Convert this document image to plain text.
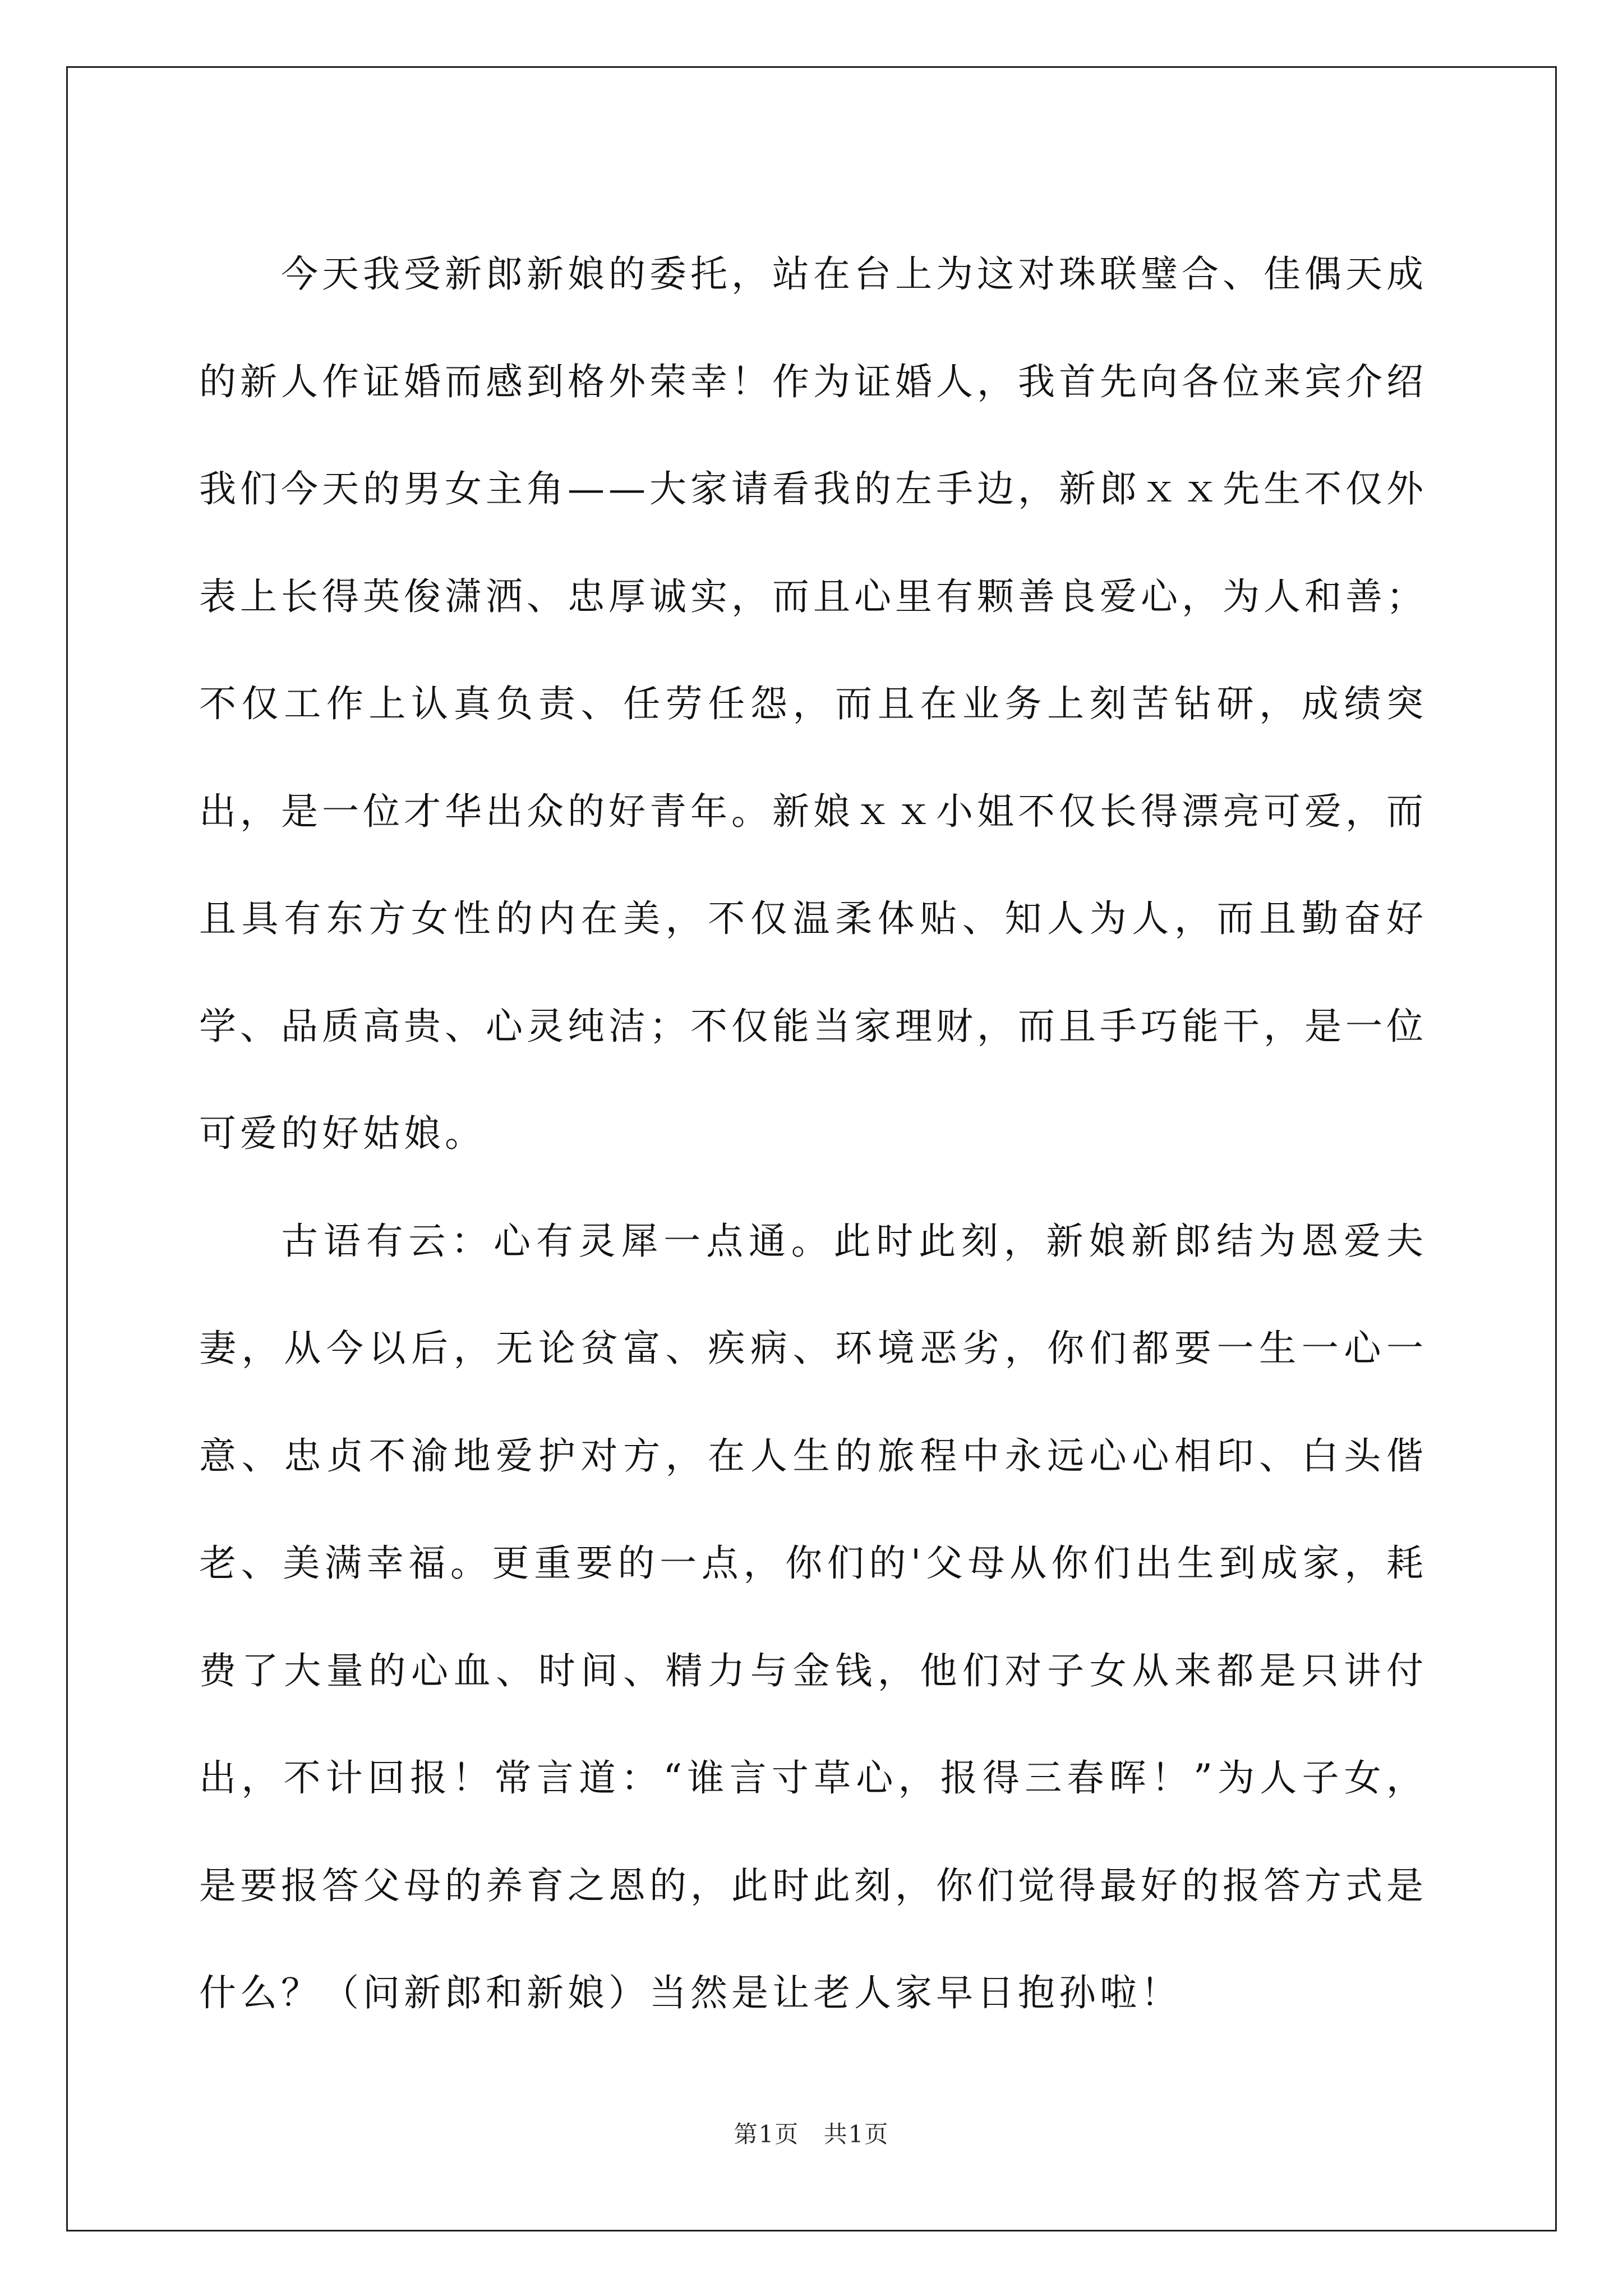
今天我受新郎新娘的委托，站在台上为这对珠联璧合、佳偶天成的新人作证婚而感到格外荣幸！作为证婚人，我首先向各位来宾介绍我们今天的男女主角——大家请看我的左手边，新郎ｘｘ先生不仅外表上长得英俊潇洒、忠厚诚实，而且心里有颗善良爱心，为人和善；不仅工作上认真负责、任劳任怨，而且在业务上刻苦钻研，成绩突出，是一位才华出众的好青年。新娘ｘｘ小姐不仅长得漂亮可爱，而且具有东方女性的内在美，不仅温柔体贴、知人为人，而且勤奋好学、品质高贵、心灵纯洁；不仅能当家理财，而且手巧能干，是一位可爱的好姑娘。

古语有云：心有灵犀一点通。此时此刻，新娘新郎结为恩爱夫妻，从今以后，无论贫富、疾病、环境恶劣，你们都要一生一心一意、忠贞不渝地爱护对方，在人生的旅程中永远心心相印、白头偕老、美满幸福。更重要的一点，你们的'父母从你们出生到成家，耗费了大量的心血、时间、精力与金钱，他们对子女从来都是只讲付出，不计回报！常言道：“谁言寸草心，报得三春晖！”为人子女，是要报答父母的养育之恩的，此时此刻，你们觉得最好的报答方式是什么？（问新郎和新娘）当然是让老人家早日抱孙啦！

第1页 共1页
